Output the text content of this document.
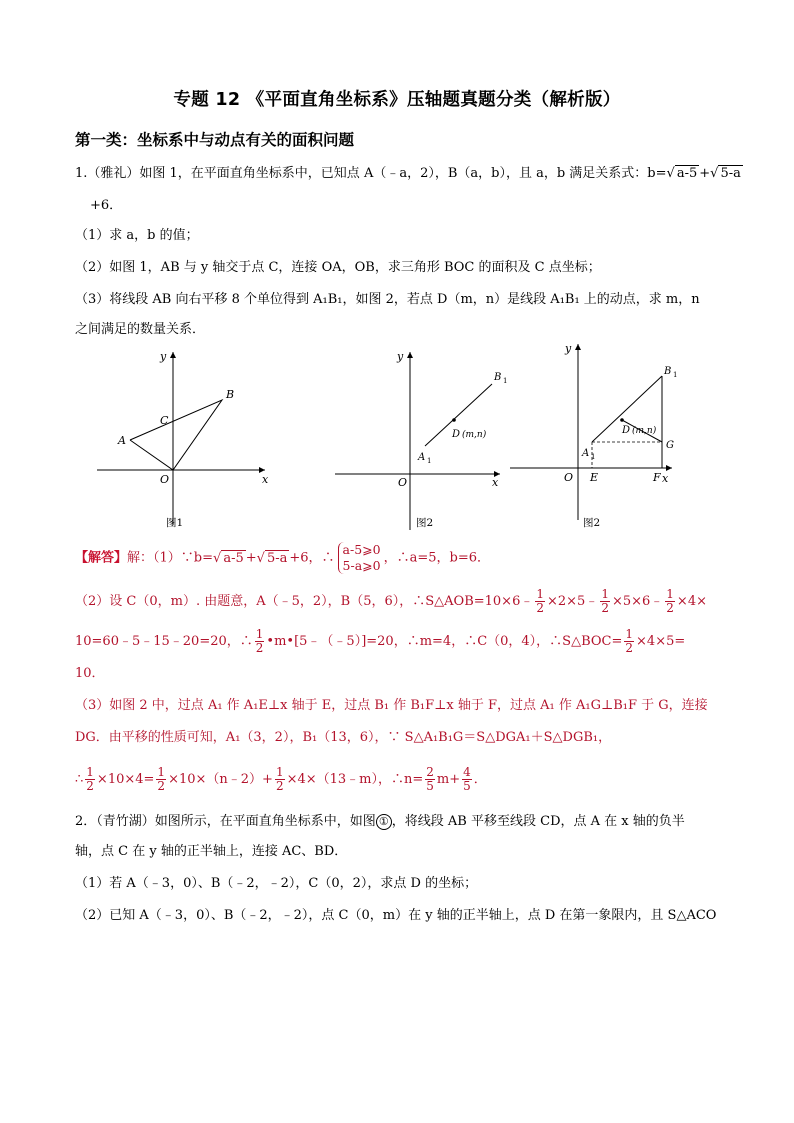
专题 12 《平面直角坐标系》压轴题真题分类（解析版）
第一类：坐标系中与动点有关的面积问题
1.（雅礼）如图 1，在平面直角坐标系中，已知点 A（﹣a，2），B（a，b），且 a，b 满足关系式：b=√ a-5 +√ 5-a
+6．
（1）求 a，b 的值；
（2）如图 1，AB 与 y 轴交于点 C，连接 OA，OB，求三角形 BOC 的面积及 C 点坐标；
（3）将线段 AB 向右平移 8 个单位得到 A₁B₁，如图 2，若点 D（m，n）是线段 A₁B₁ 上的动点，求 m，n
之间满足的数量关系．
y
x
O
A
B
C
图1
y
x
O
A 1
B 1
D (m,n)
图2
y
x
O E	F
A 1
B 1
D (m,n)
G
图2
【解答】解：（1）∵b=√ a-5 +√ 5-a +6，∴
a-5⩾0
5-a⩾0 ，∴a=5，b=6．
（2）设 C（0，m）. 由题意，A（﹣5，2），B（5，6），∴S△AOB=10×6﹣ $\frac{1}{2}$ ×2×5﹣ $\frac{1}{2}$ ×5×6﹣ $\frac{1}{2} \times 4\times$
10=60﹣5﹣15﹣20=20，∴ $\frac{1}{2}$ •m•[5﹣（﹣5）]=20，∴m=4，∴C（0，4），∴S△BOC= $\frac{1}{2} \times 4\times 5=$
10．
（3）如图 2 中，过点 A₁ 作 A₁E⊥x 轴于 E，过点 B₁ 作 B₁F⊥x 轴于 F，过点 A₁ 作 A₁G⊥B₁F 于 G，连接
DG．由平移的性质可知，A₁（3，2），B₁（13，6），∵ S△A₁B₁G＝S△DGA₁＋S△DGB₁，
∴ $\frac{1}{2} \times 10\times 4= \frac{1}{2}$ ×10×（n﹣2）+ $\frac{1}{2}$ ×4×（13﹣m），∴n= $\frac{2}{5} m+ \frac{4}{5}$ ．
2．（青竹湖）如图所示，在平面直角坐标系中，如图 ① ，将线段 AB 平移至线段 CD，点 A 在 x 轴的负半
轴，点 C 在 y 轴的正半轴上，连接 AC、BD．
（1）若 A（﹣3，0）、B（﹣2，﹣2），C（0，2），求点 D 的坐标；
（2）已知 A（﹣3，0）、B（﹣2，﹣2），点 C（0，m）在 y 轴的正半轴上，点 D 在第一象限内，且 S△ACO
